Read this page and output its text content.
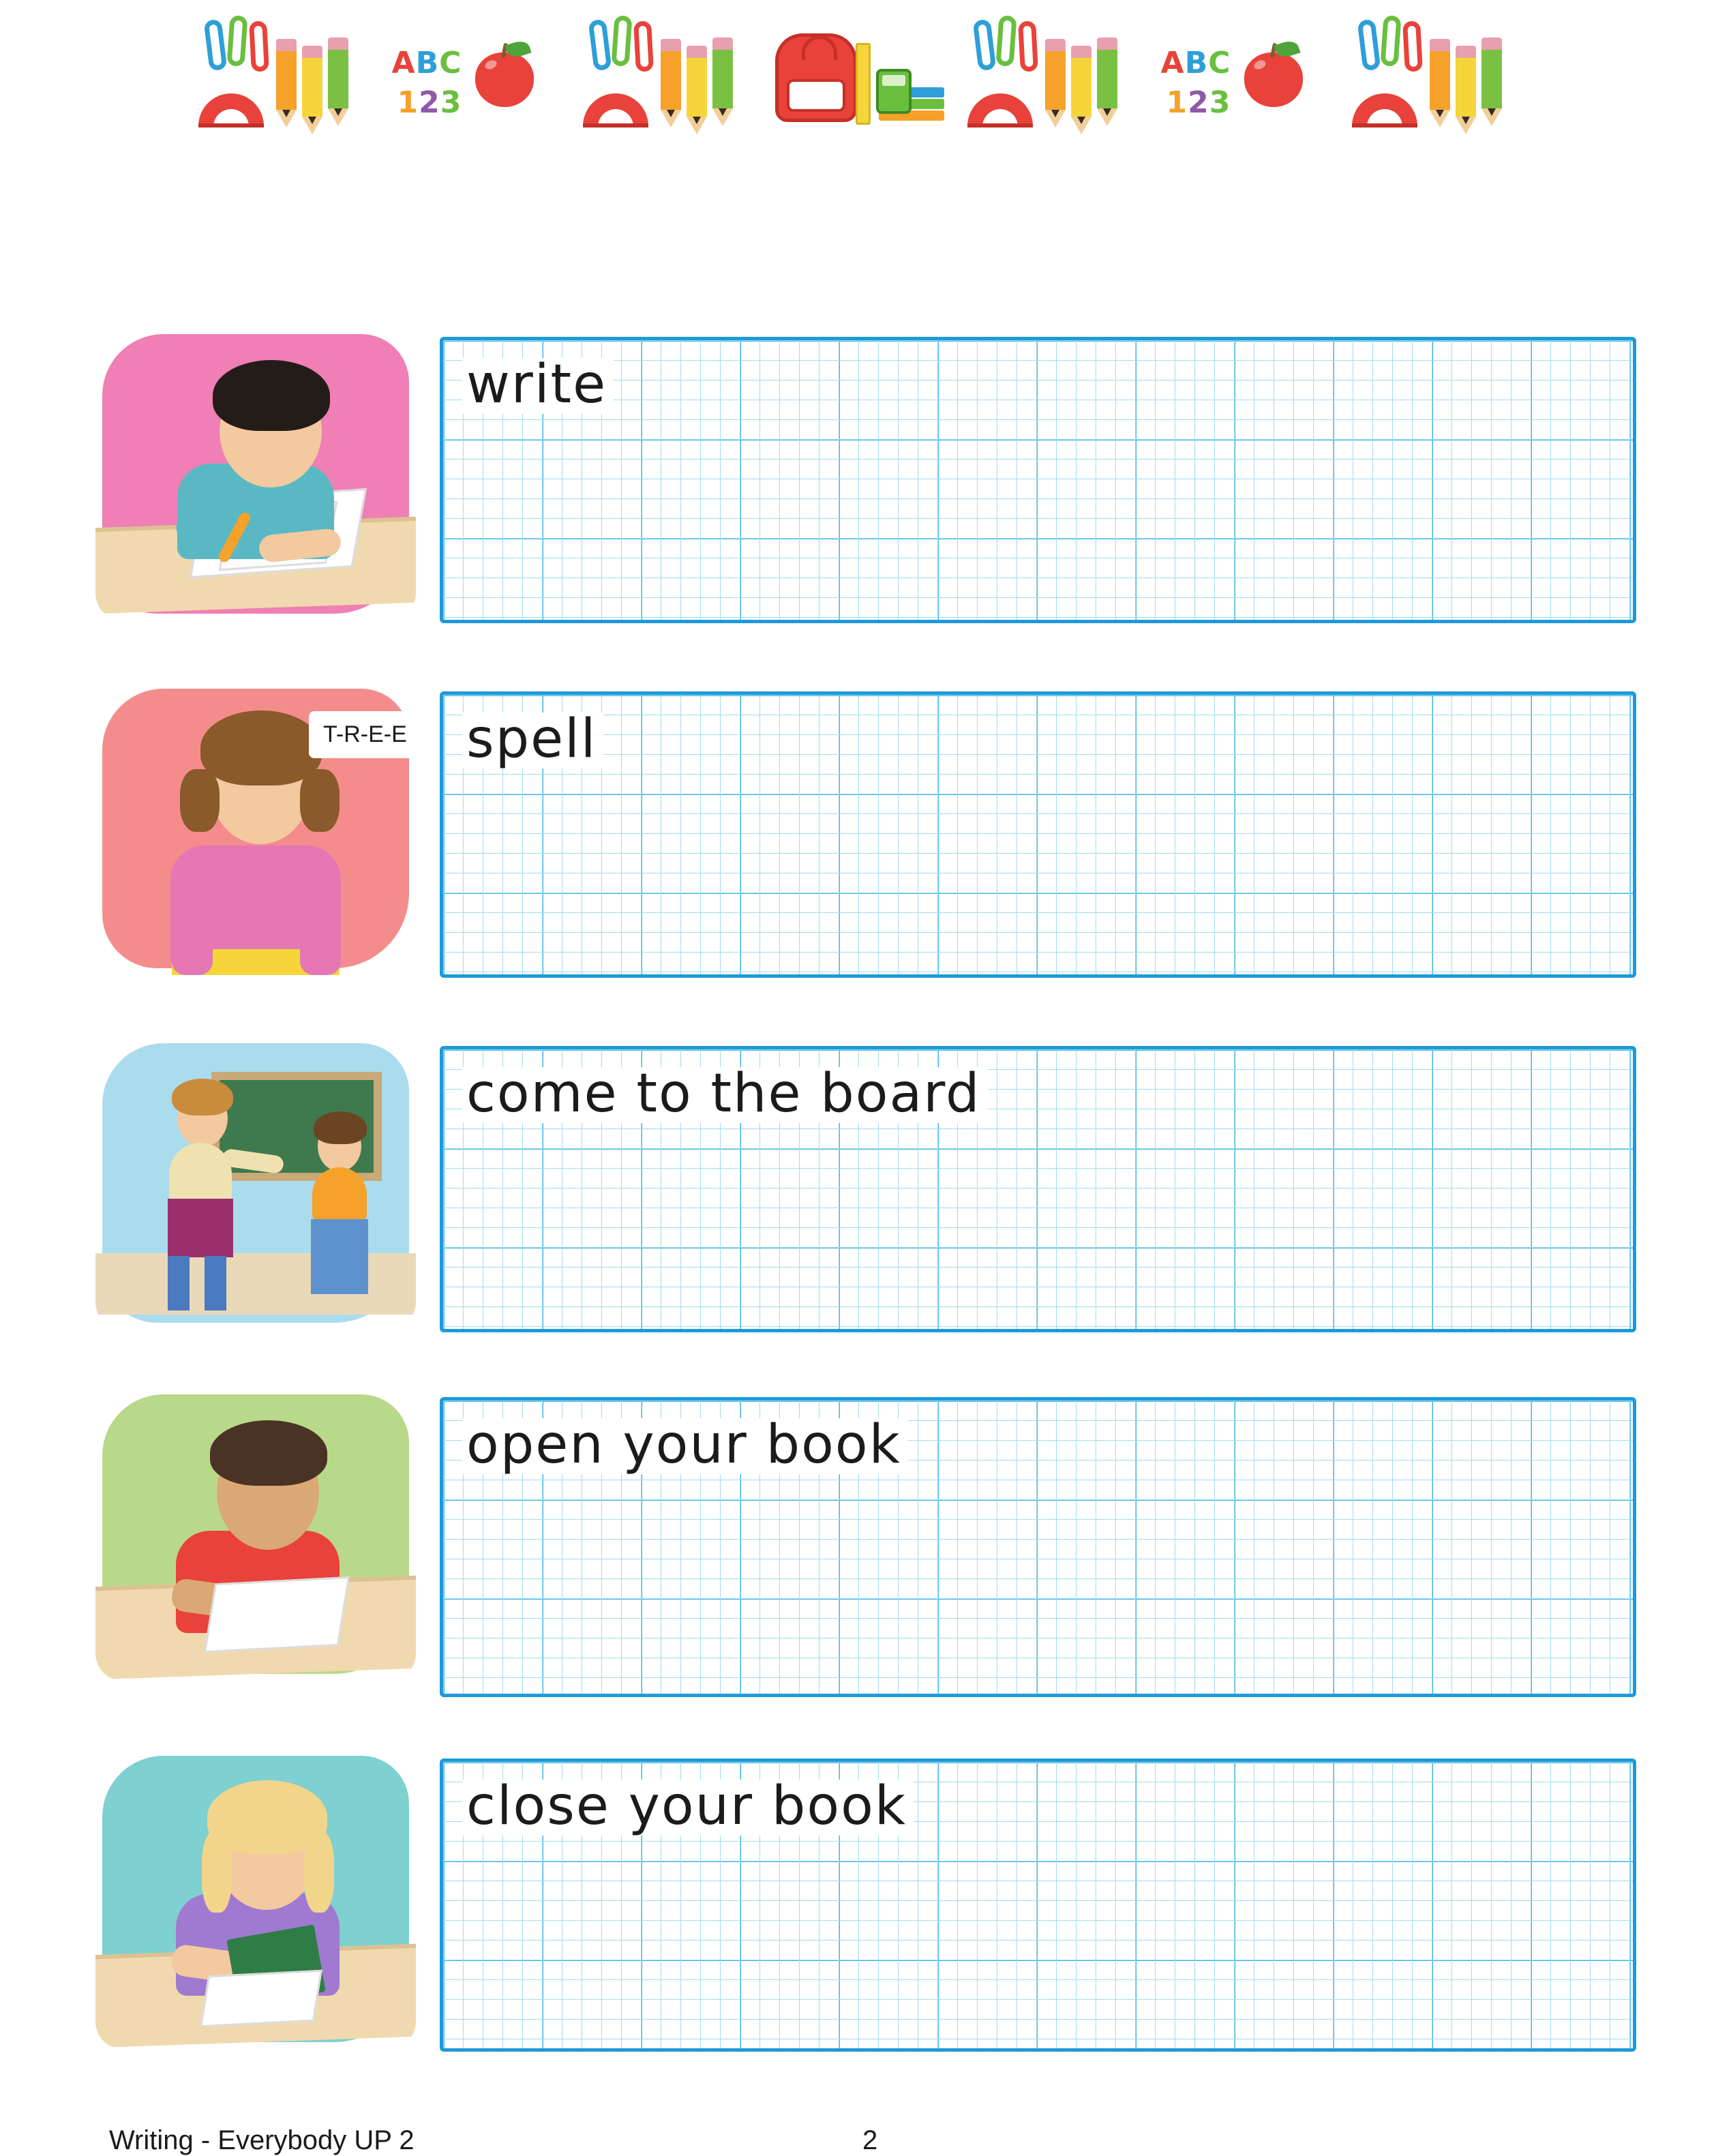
ABC
123
ABC
123
write
T-R-E-E spell
come to the board
open your book
close your book
Writing - Everybody UP 2	2
